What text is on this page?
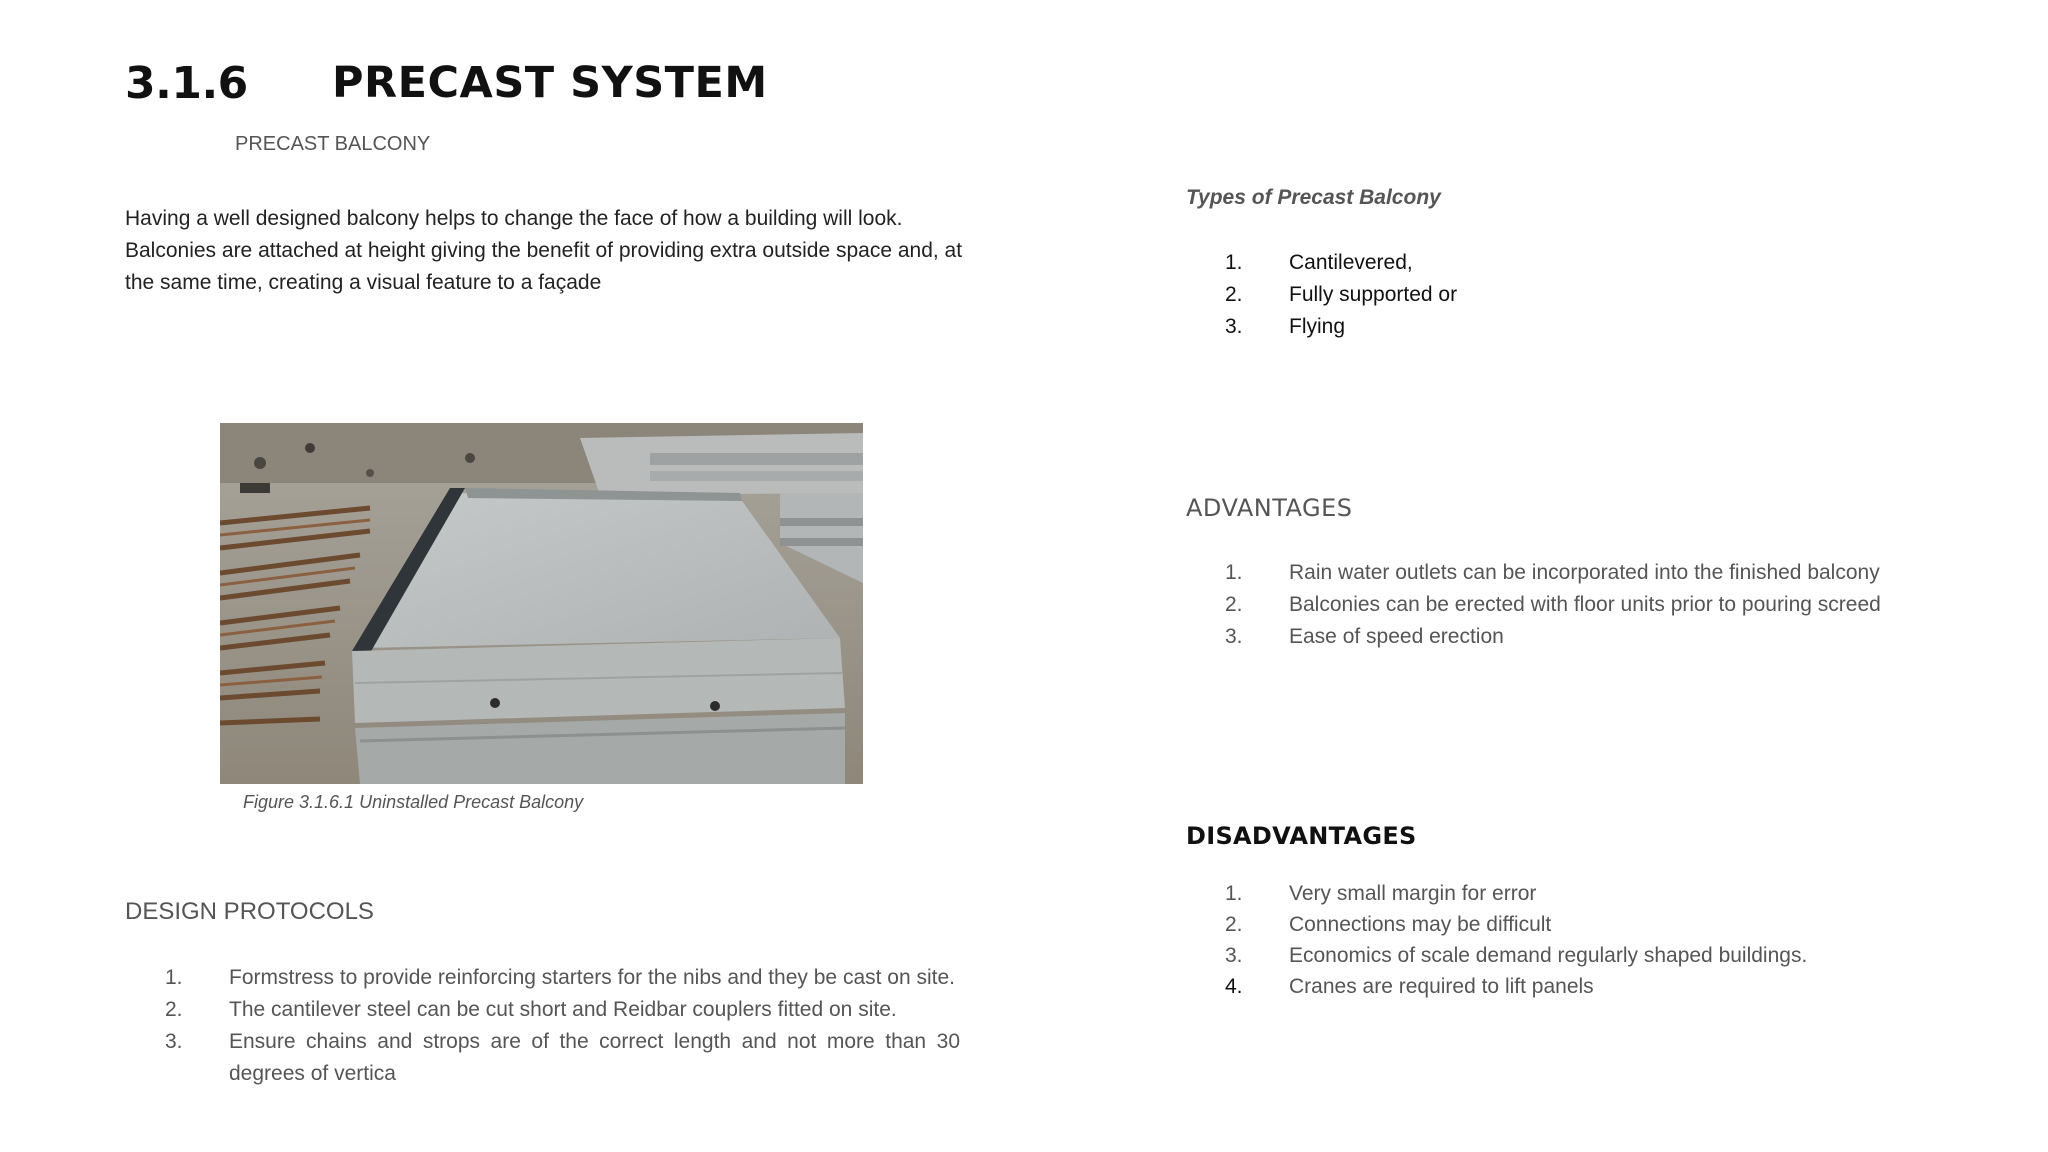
3.1.6 PRECAST SYSTEM
PRECAST BALCONY
Having a well designed balcony helps to change the face of how a building will look. Balconies are attached at height giving the benefit of providing extra outside space and, at the same time, creating a visual feature to a façade
Figure 3.1.6.1 Uninstalled Precast Balcony
DESIGN PROTOCOLS
1. Formstress to provide reinforcing starters for the nibs and they be cast on site.
2. The cantilever steel can be cut short and Reidbar couplers fitted on site.
3. Ensure chains and strops are of the correct length and not more than 30 degrees of vertica
Types of Precast Balcony
1. Cantilevered,
2. Fully supported or
3. Flying
ADVANTAGES
1. Rain water outlets can be incorporated into the finished balcony
2. Balconies can be erected with floor units prior to pouring screed
3. Ease of speed erection
DISADVANTAGES
1. Very small margin for error
2. Connections may be difficult
3. Economics of scale demand regularly shaped buildings.
4. Cranes are required to lift panels
